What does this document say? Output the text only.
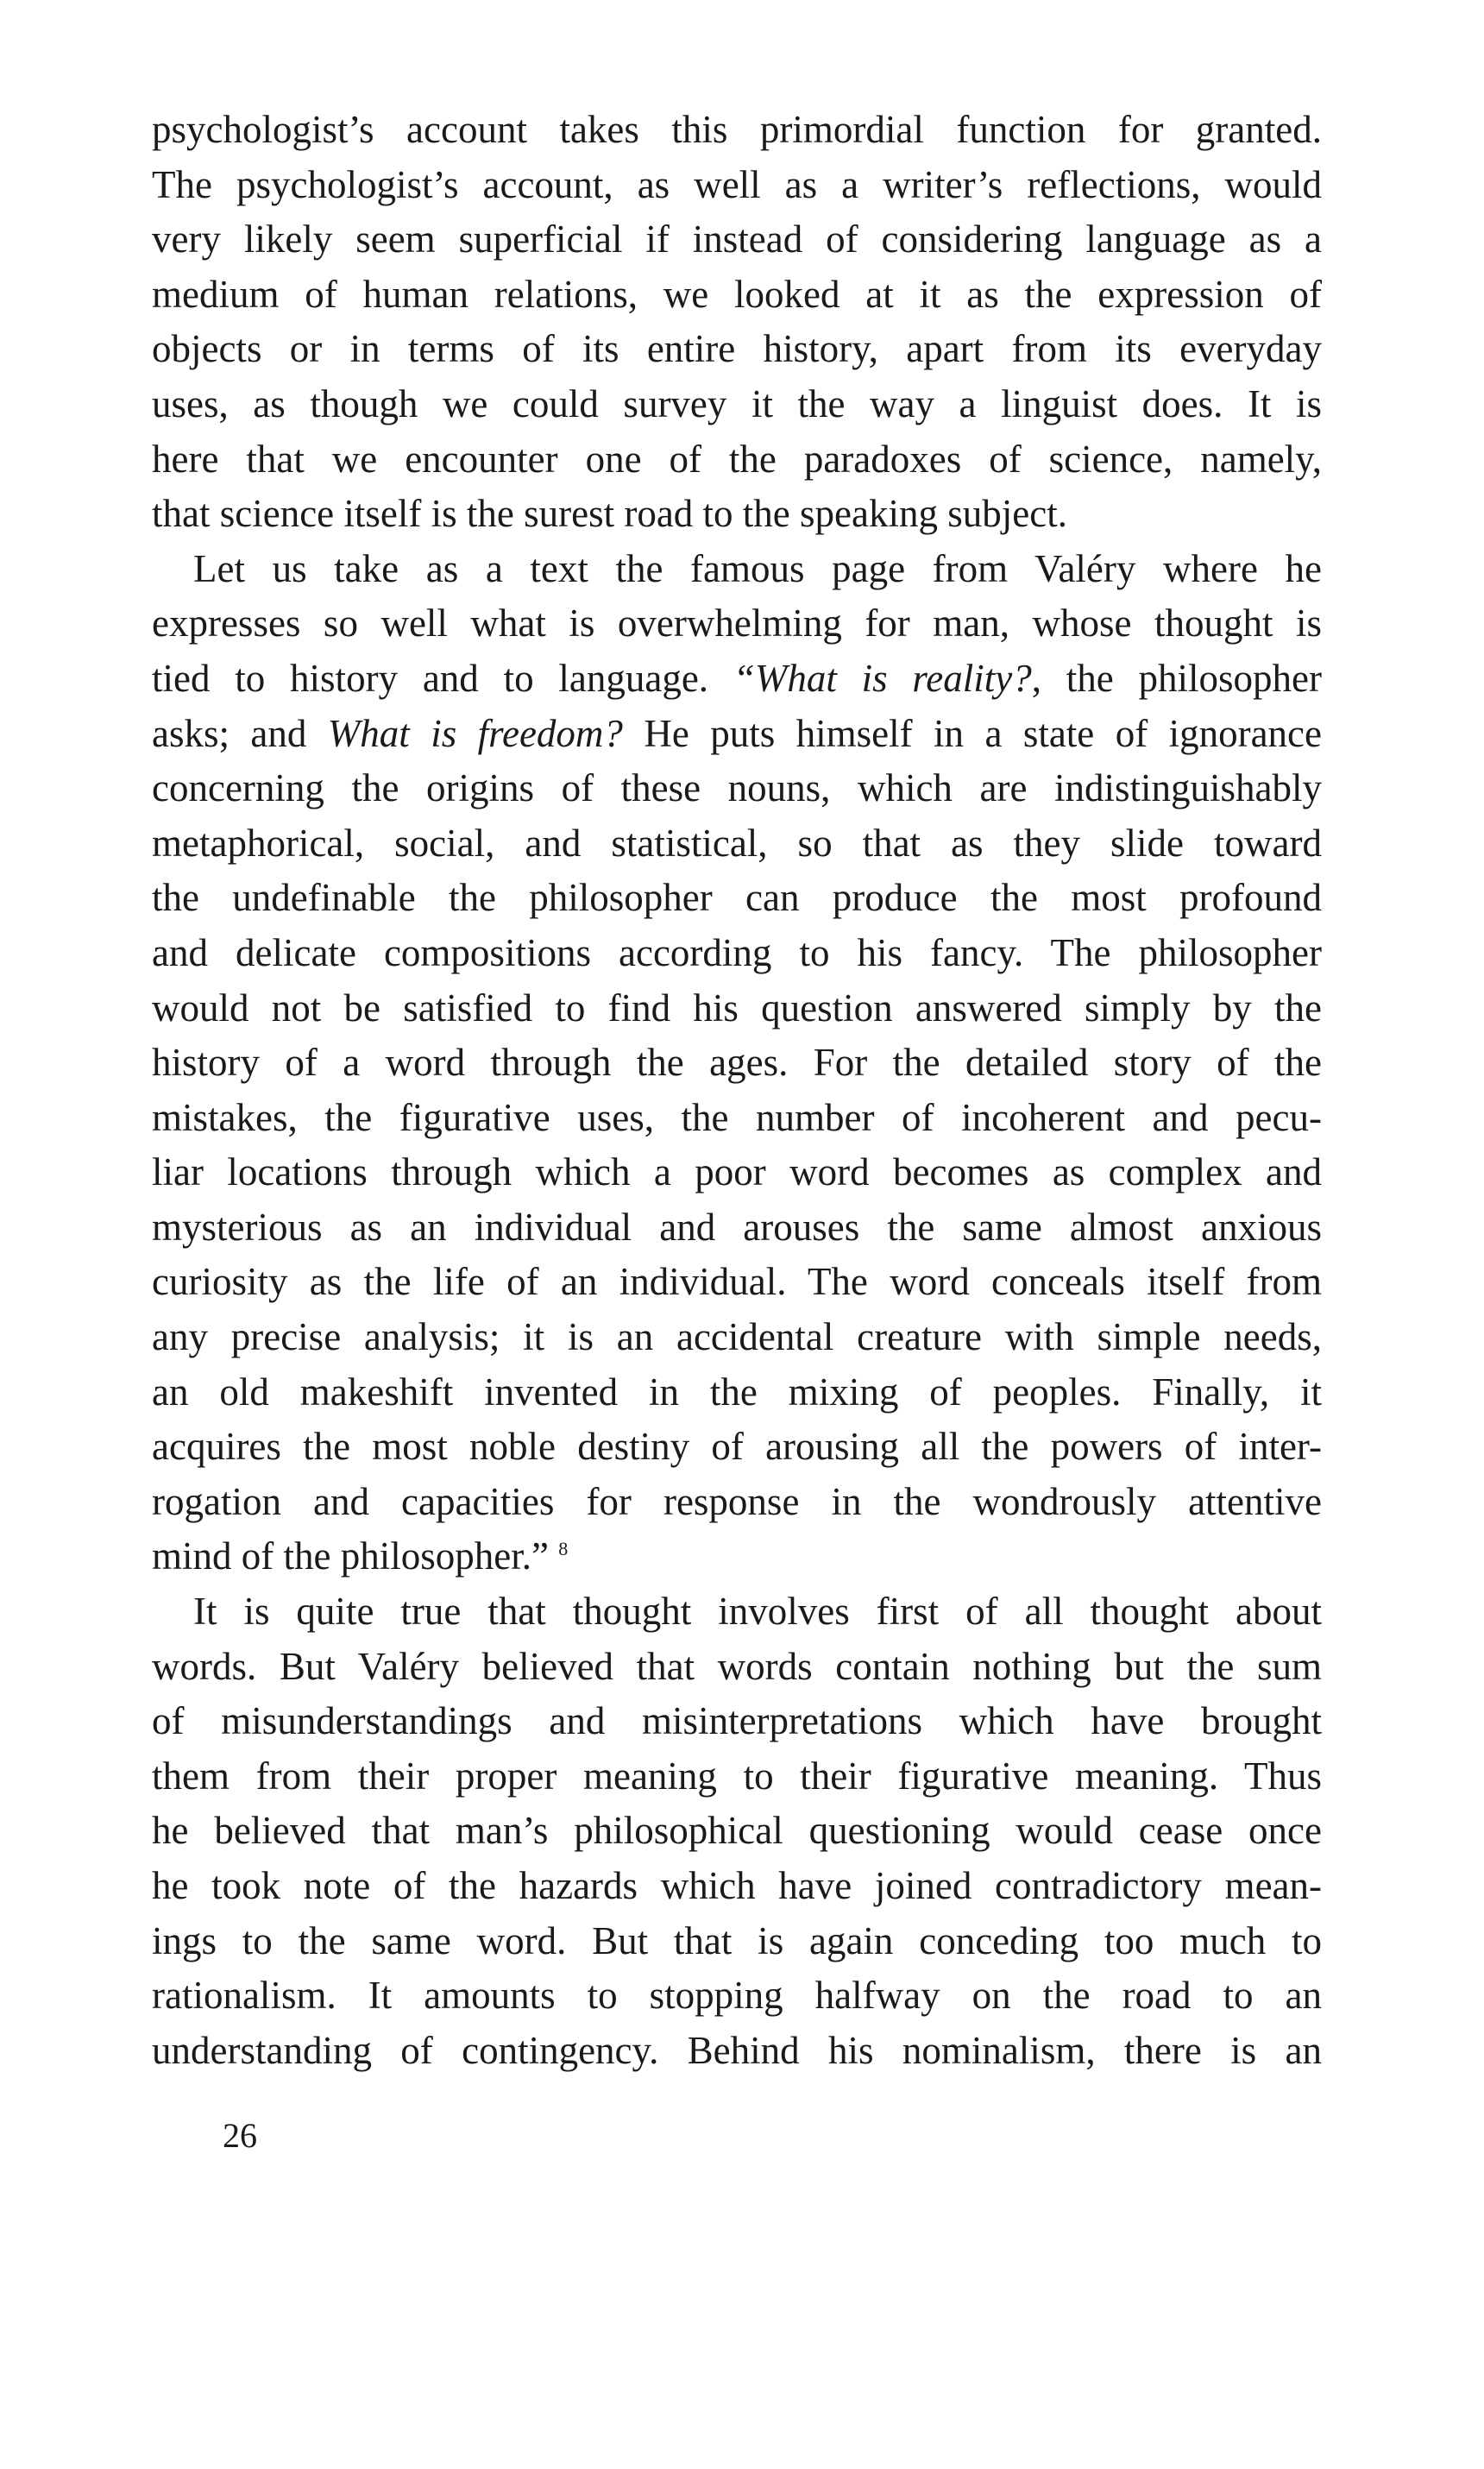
psychologist’s account takes this primordial function for granted.
The psychologist’s account, as well as a writer’s reflections, would
very likely seem superficial if instead of considering language as a
medium of human relations, we looked at it as the expression of
objects or in terms of its entire history, apart from its everyday
uses, as though we could survey it the way a linguist does. It is
here that we encounter one of the paradoxes of science, namely,
that science itself is the surest road to the speaking subject.
Let us take as a text the famous page from Valéry where he
expresses so well what is overwhelming for man, whose thought is
tied to history and to language. “What is reality?, the philosopher
asks; and What is freedom? He puts himself in a state of ignorance
concerning the origins of these nouns, which are indistinguishably
metaphorical, social, and statistical, so that as they slide toward
the undefinable the philosopher can produce the most profound
and delicate compositions according to his fancy. The philosopher
would not be satisfied to find his question answered simply by the
history of a word through the ages. For the detailed story of the
mistakes, the figurative uses, the number of incoherent and pecu-
liar locations through which a poor word becomes as complex and
mysterious as an individual and arouses the same almost anxious
curiosity as the life of an individual. The word conceals itself from
any precise analysis; it is an accidental creature with simple needs,
an old makeshift invented in the mixing of peoples. Finally, it
acquires the most noble destiny of arousing all the powers of inter-
rogation and capacities for response in the wondrously attentive
mind of the philosopher.” $^8$
It is quite true that thought involves first of all thought about
words. But Valéry believed that words contain nothing but the sum
of misunderstandings and misinterpretations which have brought
them from their proper meaning to their figurative meaning. Thus
he believed that man’s philosophical questioning would cease once
he took note of the hazards which have joined contradictory mean-
ings to the same word. But that is again conceding too much to
rationalism. It amounts to stopping halfway on the road to an
understanding of contingency. Behind his nominalism, there is an
26
